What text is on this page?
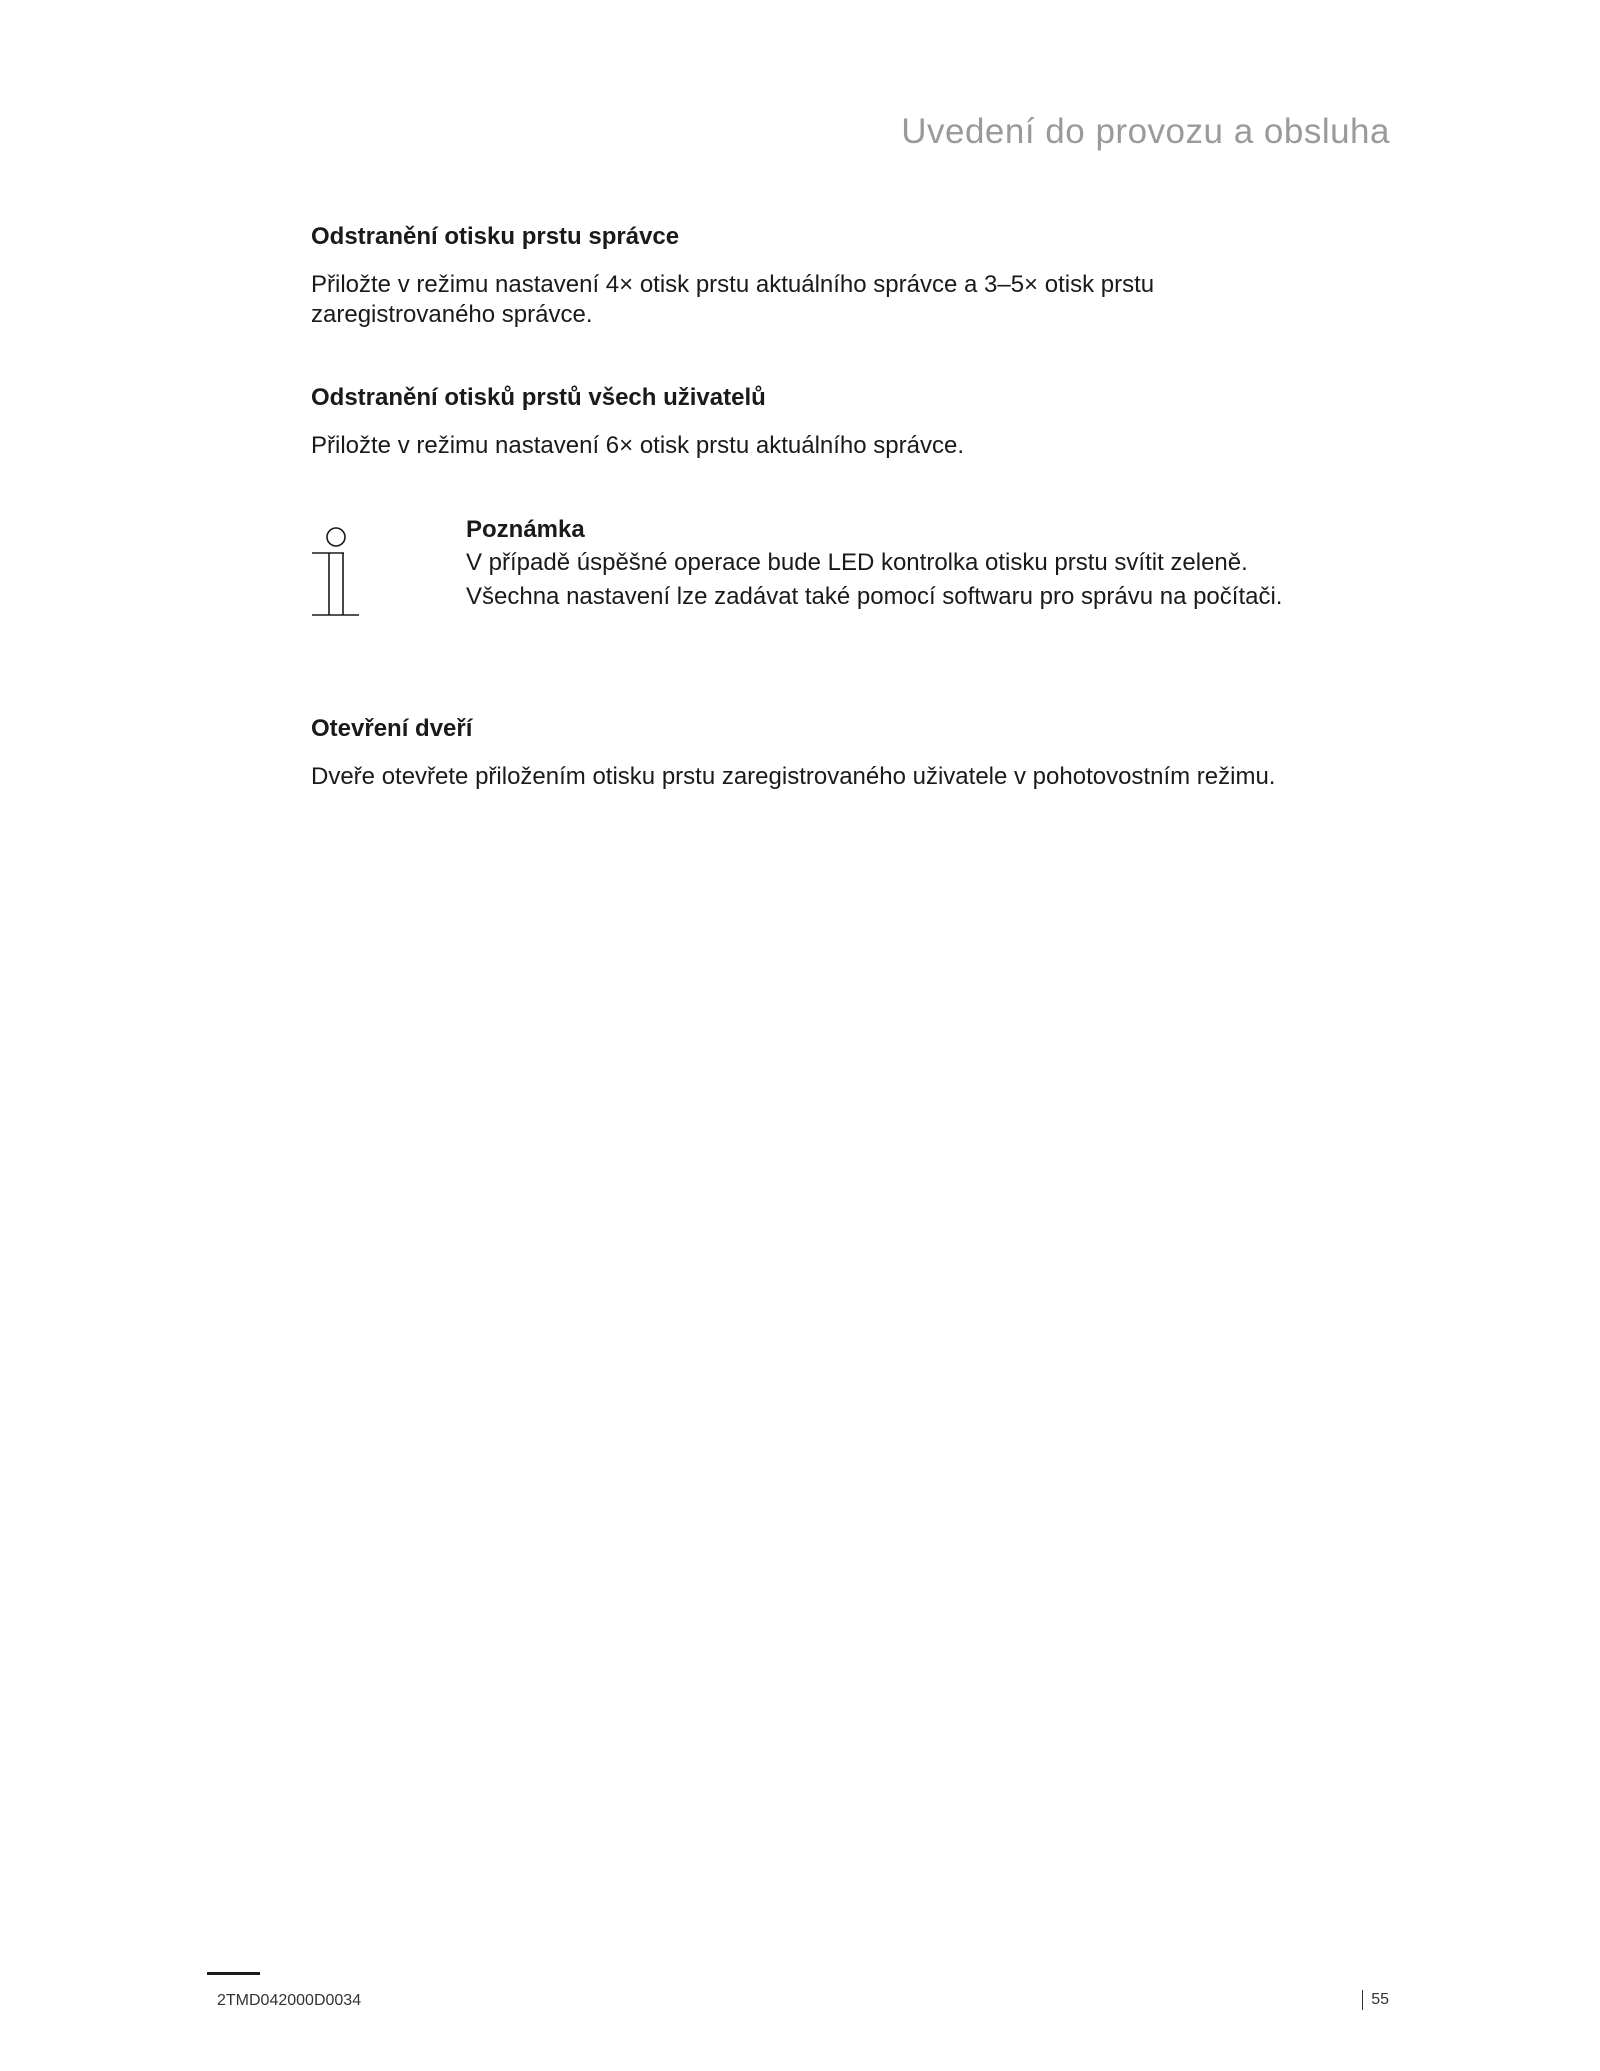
Uvedení do provozu a obsluha

Odstranění otisku prstu správce

Přiložte v režimu nastavení 4× otisk prstu aktuálního správce a 3–5× otisk prstu

zaregistrovaného správce.

Odstranění otisků prstů všech uživatelů

Přiložte v režimu nastavení 6× otisk prstu aktuálního správce.

Poznámka

V případě úspěšné operace bude LED kontrolka otisku prstu svítit zeleně.

Všechna nastavení lze zadávat také pomocí softwaru pro správu na počítači.

Otevření dveří

Dveře otevřete přiložením otisku prstu zaregistrovaného uživatele v pohotovostním režimu.

2TMD042000D0034	55
